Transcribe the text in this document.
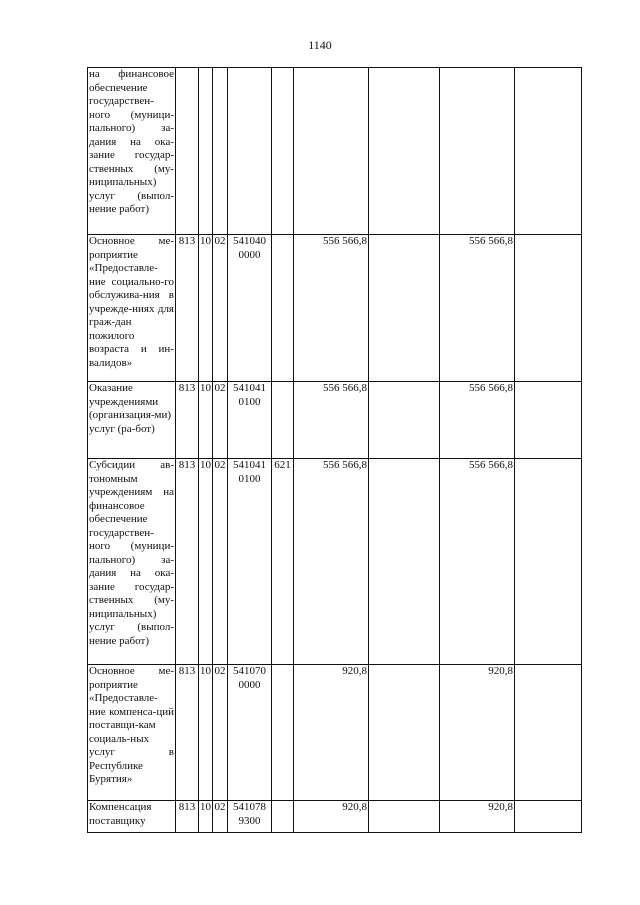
1140
на финансовое обеспечение государствен-ного (муници-пального) за-дания на ока-зание государ-ственных (му-ниципальных) услуг (выпол-нение работ)									
Основное ме-роприятие «Предоставле-ние социально-го обслужива-ния в учрежде-ниях для граж-дан пожилого возраста и ин-валидов»	813	10	02	541040 0000		556 566,8		556 566,8	
Оказание учреждениями (организация-ми) услуг (ра-бот)	813	10	02	541041 0100		556 566,8		556 566,8	
Субсидии ав-тономным учреждениям на финансовое обеспечение государствен-ного (муници-пального) за-дания на ока-зание государ-ственных (му-ниципальных) услуг (выпол-нение работ)	813	10	02	541041 0100	621	556 566,8		556 566,8	
Основное ме-роприятие «Предоставле-ние компенса-ций поставщи-кам социаль-ных услуг в Республике Бурятия»	813	10	02	541070 0000		920,8		920,8	
Компенсация поставщику	813	10	02	541078 9300		920,8		920,8	
